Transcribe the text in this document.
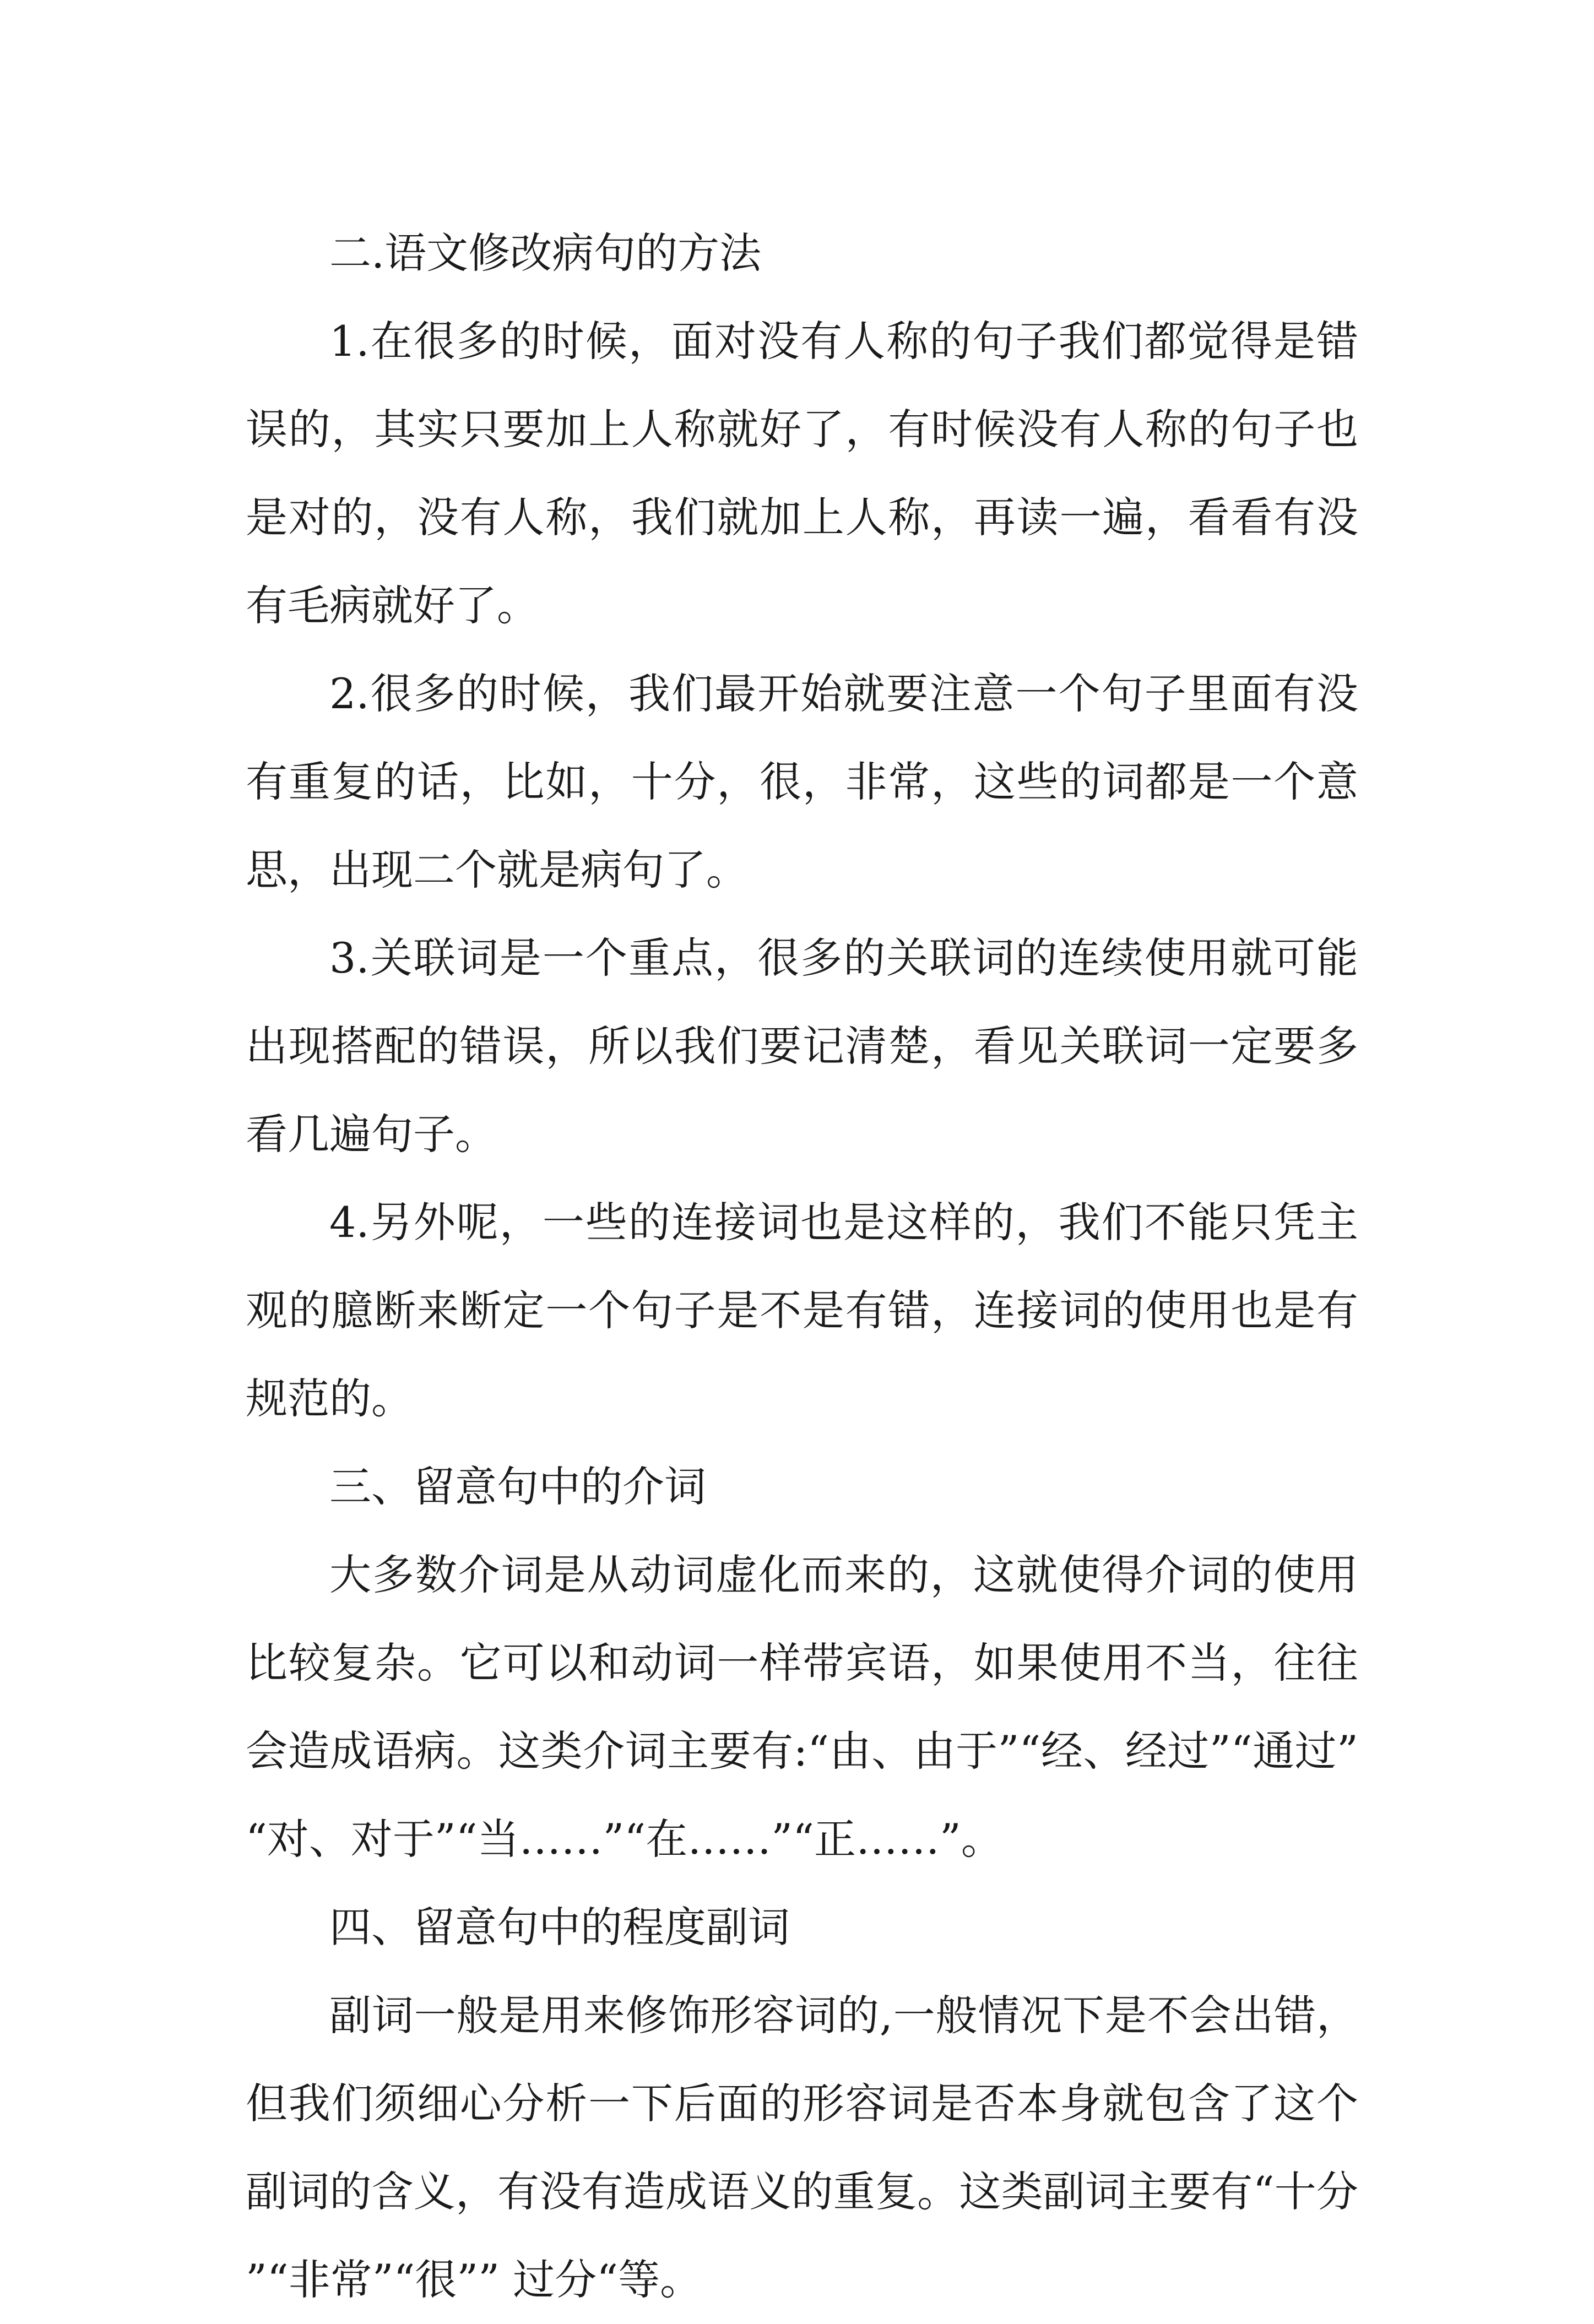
二.语文修改病句的方法

1.在很多的时候，面对没有人称的句子我们都觉得是错误的，其实只要加上人称就好了，有时候没有人称的句子也是对的，没有人称，我们就加上人称，再读一遍，看看有没有毛病就好了。

2.很多的时候，我们最开始就要注意一个句子里面有没有重复的话，比如，十分，很，非常，这些的词都是一个意思，出现二个就是病句了。

3.关联词是一个重点，很多的关联词的连续使用就可能出现搭配的错误，所以我们要记清楚，看见关联词一定要多看几遍句子。

4.另外呢，一些的连接词也是这样的，我们不能只凭主观的臆断来断定一个句子是不是有错，连接词的使用也是有规范的。

三、留意句中的介词

大多数介词是从动词虚化而来的，这就使得介词的使用比较复杂。它可以和动词一样带宾语，如果使用不当，往往会造成语病。这类介词主要有:“由、由于”“经、经过”“通过”“对、对于”“当……”“在……”“正……”。

四、留意句中的程度副词

副词一般是用来修饰形容词的,一般情况下是不会出错，但我们须细心分析一下后面的形容词是否本身就包含了这个副词的含义，有没有造成语义的重复。这类副词主要有“十分”“非常”“很”” 过分“等。
